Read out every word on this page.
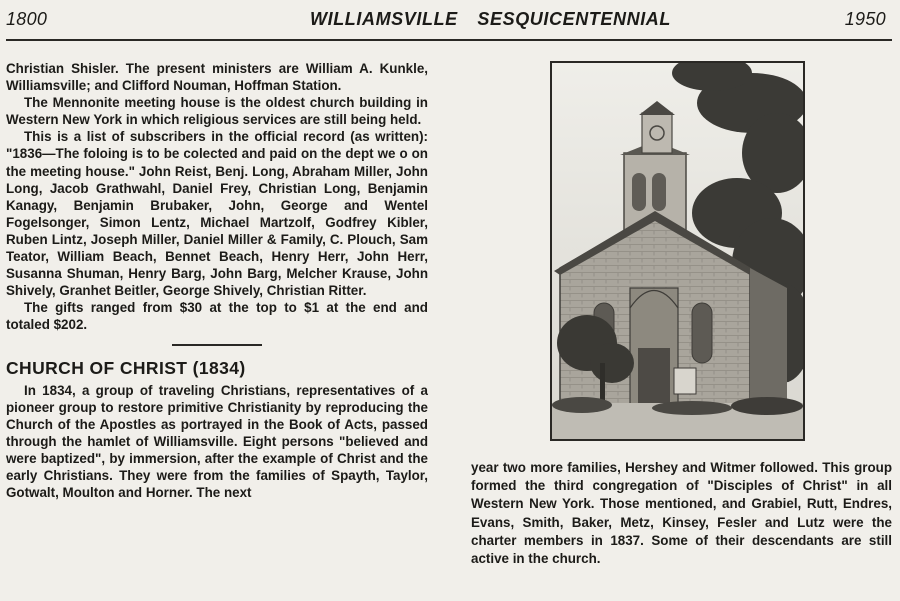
1800	WILLIAMSVILLE SESQUICENTENNIAL	1950

Christian Shisler. The present ministers are William A. Kunkle, Williamsville; and Clifford Nouman, Hoffman Station.

The Mennonite meeting house is the oldest church building in Western New York in which religious services are still being held.

This is a list of subscribers in the official record (as written): "1836—The foloing is to be colected and paid on the dept we o on the meeting house." John Reist, Benj. Long, Abraham Miller, John Long, Jacob Grathwahl, Daniel Frey, Christian Long, Benjamin Kanagy, Benjamin Brubaker, John, George and Wentel Fogelsonger, Simon Lentz, Michael Martzolf, Godfrey Kibler, Ruben Lintz, Joseph Miller, Daniel Miller & Family, C. Plouch, Sam Teator, William Beach, Bennet Beach, Henry Herr, John Herr, Susanna Shuman, Henry Barg, John Barg, Melcher Krause, John Shively, Granhet Beitler, George Shively, Christian Ritter.

The gifts ranged from $30 at the top to $1 at the end and totaled $202.

CHURCH OF CHRIST (1834)

In 1834, a group of traveling Christians, representatives of a pioneer group to restore primitive Christianity by reproducing the Church of the Apostles as portrayed in the Book of Acts, passed through the hamlet of Williamsville. Eight persons "believed and were baptized", by immersion, after the example of Christ and the early Christians. They were from the families of Spayth, Taylor, Gotwalt, Moulton and Horner. The next

year two more families, Hershey and Witmer followed. This group formed the third congregation of "Disciples of Christ" in all Western New York. Those mentioned, and Grabiel, Rutt, Endres, Evans, Smith, Baker, Metz, Kinsey, Fesler and Lutz were the charter members in 1837. Some of their descendants are still active in the church.
